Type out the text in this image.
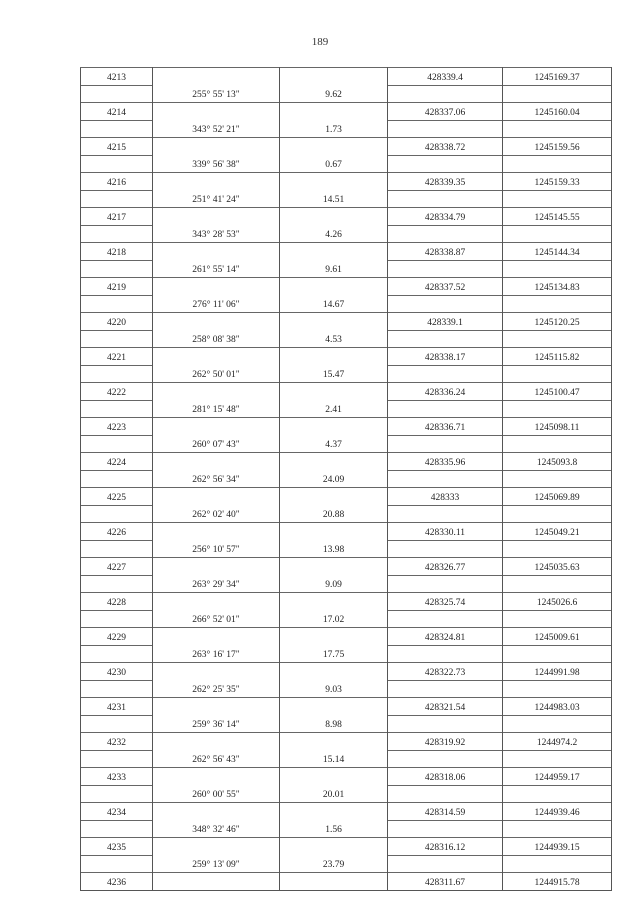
189
4213			428339.4	1245169.37
	255° 55' 13"	9.62		
4214			428337.06	1245160.04
	343° 52' 21"	1.73		
4215			428338.72	1245159.56
	339° 56' 38"	0.67		
4216			428339.35	1245159.33
	251° 41' 24"	14.51		
4217			428334.79	1245145.55
	343° 28' 53"	4.26		
4218			428338.87	1245144.34
	261° 55' 14"	9.61		
4219			428337.52	1245134.83
	276° 11' 06"	14.67		
4220			428339.1	1245120.25
	258° 08' 38"	4.53		
4221			428338.17	1245115.82
	262° 50' 01"	15.47		
4222			428336.24	1245100.47
	281° 15' 48"	2.41		
4223			428336.71	1245098.11
	260° 07' 43"	4.37		
4224			428335.96	1245093.8
	262° 56' 34"	24.09		
4225			428333	1245069.89
	262° 02' 40"	20.88		
4226			428330.11	1245049.21
	256° 10' 57"	13.98		
4227			428326.77	1245035.63
	263° 29' 34"	9.09		
4228			428325.74	1245026.6
	266° 52' 01"	17.02		
4229			428324.81	1245009.61
	263° 16' 17"	17.75		
4230			428322.73	1244991.98
	262° 25' 35"	9.03		
4231			428321.54	1244983.03
	259° 36' 14"	8.98		
4232			428319.92	1244974.2
	262° 56' 43"	15.14		
4233			428318.06	1244959.17
	260° 00' 55"	20.01		
4234			428314.59	1244939.46
	348° 32' 46"	1.56		
4235			428316.12	1244939.15
	259° 13' 09"	23.79		
4236			428311.67	1244915.78
